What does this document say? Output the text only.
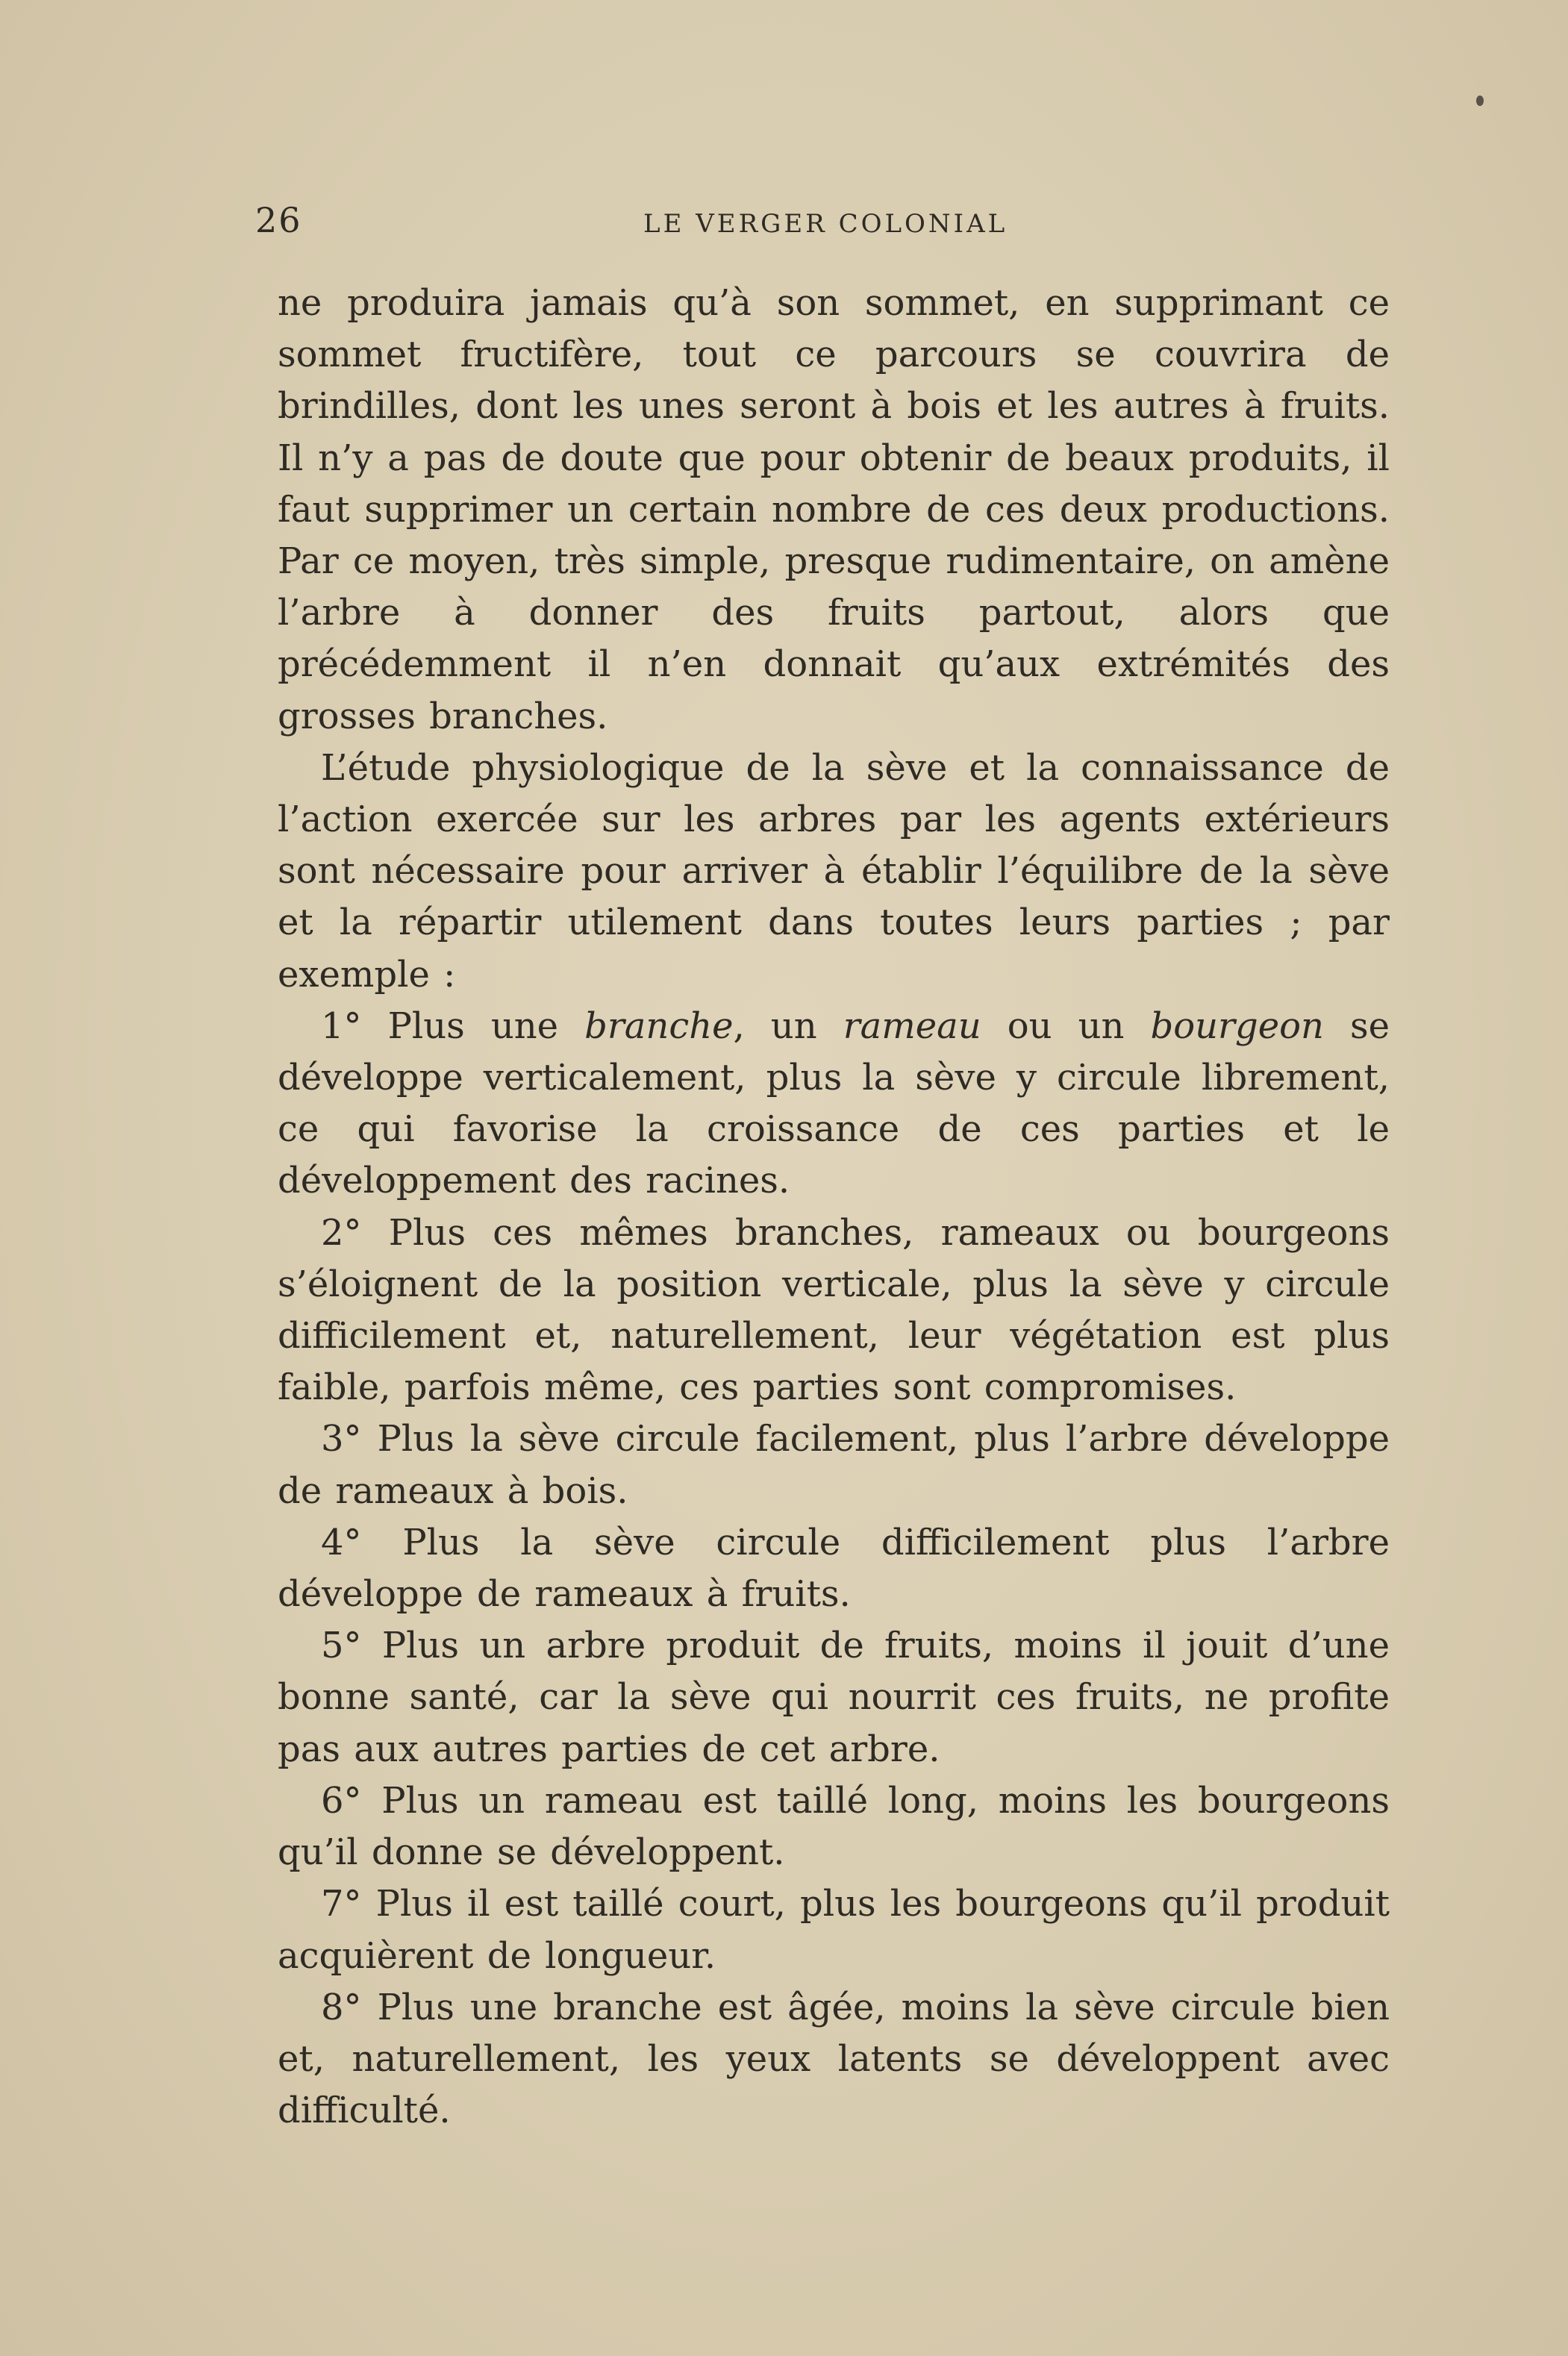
26	LE VERGER COLONIAL

ne produira jamais qu’à son sommet, en supprimant ce sommet fructifère, tout ce parcours se couvrira de brindilles, dont les unes seront à bois et les autres à fruits. Il n’y a pas de doute que pour obtenir de beaux produits, il faut supprimer un certain nombre de ces deux productions. Par ce moyen, très simple, presque rudimentaire, on amène l’arbre à donner des fruits partout, alors que précédemment il n’en donnait qu’aux extrémités des grosses branches.

L’étude physiologique de la sève et la connaissance de l’action exercée sur les arbres par les agents extérieurs sont nécessaire pour arriver à établir l’équilibre de la sève et la répartir utilement dans toutes leurs parties ; par exemple :

1° Plus une branche, un rameau ou un bourgeon se développe verticalement, plus la sève y circule librement, ce qui favorise la croissance de ces parties et le développement des racines.

2° Plus ces mêmes branches, rameaux ou bourgeons s’éloignent de la position verticale, plus la sève y circule difficilement et, naturellement, leur végétation est plus faible, parfois même, ces parties sont compromises.

3° Plus la sève circule facilement, plus l’arbre développe de rameaux à bois.

4° Plus la sève circule difficilement plus l’arbre développe de rameaux à fruits.

5° Plus un arbre produit de fruits, moins il jouit d’une bonne santé, car la sève qui nourrit ces fruits, ne profite pas aux autres parties de cet arbre.

6° Plus un rameau est taillé long, moins les bourgeons qu’il donne se développent.

7° Plus il est taillé court, plus les bourgeons qu’il produit acquièrent de longueur.

8° Plus une branche est âgée, moins la sève circule bien et, naturellement, les yeux latents se développent avec difficulté.
